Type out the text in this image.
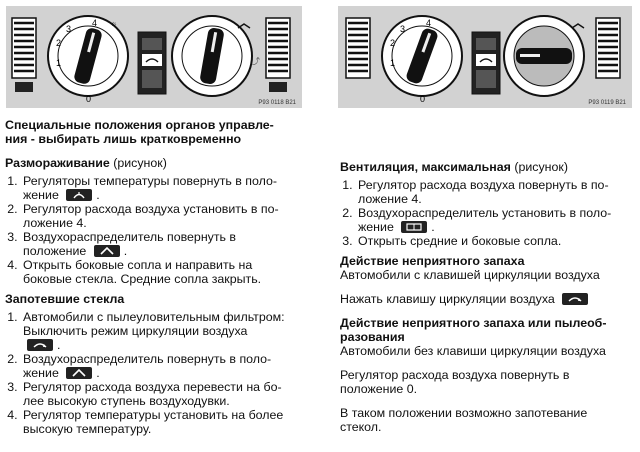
4
3
2
1
0
☼
⤴
P93 0118 B21
4
3
2
1
0	P93 0119 B21
Специальные положения органов управле-
ния - выбирать лишь кратковременно
Размораживание (рисунок)
1. Регуляторы температуры повернуть в поло-
жение	.
2. Регулятор расхода воздуха установить в по-
ложение 4.
3. Воздухораспределитель повернуть в
положение	.
4. Открыть боковые сопла и направить на
боковые стекла. Средние сопла закрыть.
Запотевшие стекла
1. Автомобили с пылеуловительным фильтром:
Выключить режим циркуляции воздуха

.
2. Воздухораспределитель повернуть в поло-
жение	.
3. Регулятор расхода воздуха перевести на бо-
лее высокую ступень воздуходувки.
4. Регулятор температуры установить на более
высокую температуру.
Вентиляция, максимальная (рисунок)
1. Регулятор расхода воздуха повернуть в по-
ложение 4.
2. Воздухораспределитель установить в поло-
жение	.
3. Открыть средние и боковые сопла.
Действие неприятного запаха

Автомобили с клавишей циркуляции воздуха

Нажать клавишу циркуляции воздуха

Действие неприятного запаха или пылеоб-
разования

Автомобили без клавиши циркуляции воздуха

Регулятор расхода воздуха повернуть в
положение 0.

В таком положении возможно запотевание
стекол.
